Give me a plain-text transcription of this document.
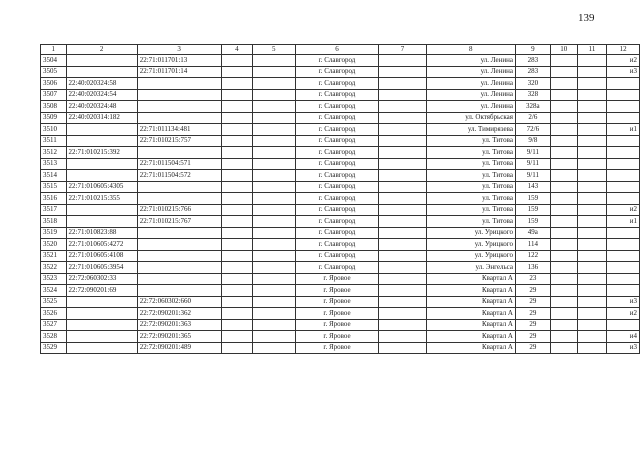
139
1	2	3	4	5	6	7	8	9	10	11	12
3504		22:71:011701:13			г. Славгород		ул. Ленина	283			и2
3505		22:71:011701:14			г. Славгород		ул. Ленина	283			и3
3506	22:40:020324:58				г. Славгород		ул. Ленина	320			
3507	22:40:020324:54				г. Славгород		ул. Ленина	328			
3508	22:40:020324:48				г. Славгород		ул. Ленина	328а			
3509	22:40:020314:182				г. Славгород		ул. Октябрьская	2/6			
3510		22:71:011134:481			г. Славгород		ул. Тимирязева	72/6			и1
3511		22:71:010215:757			г. Славгород		ул. Титова	9/8			
3512	22:71:010215:392				г. Славгород		ул. Титова	9/11			
3513		22:71:011504:571			г. Славгород		ул. Титова	9/11			
3514		22:71:011504:572			г. Славгород		ул. Титова	9/11			
3515	22:71:010605:4305				г. Славгород		ул. Титова	143			
3516	22:71:010215:355				г. Славгород		ул. Титова	159			
3517		22:71:010215:766			г. Славгород		ул. Титова	159			и2
3518		22:71:010215:767			г. Славгород		ул. Титова	159			и1
3519	22:71:010823:88				г. Славгород		ул. Урицкого	49а			
3520	22:71:010605:4272				г. Славгород		ул. Урицкого	114			
3521	22:71:010605:4108				г. Славгород		ул. Урицкого	122			
3522	22:71:010605:3954				г. Славгород		ул. Энгельса	136			
3523	22:72:060302:33				г. Яровое		Квартал А	23			
3524	22:72:090201:69				г. Яровое		Квартал А	29			
3525		22:72:060302:660			г. Яровое		Квартал А	29			и3
3526		22:72:090201:362			г. Яровое		Квартал А	29			и2
3527		22:72:090201:363			г. Яровое		Квартал А	29			
3528		22:72:090201:365			г. Яровое		Квартал А	29			и4
3529		22:72:090201:489			г. Яровое		Квартал А	29			и3
